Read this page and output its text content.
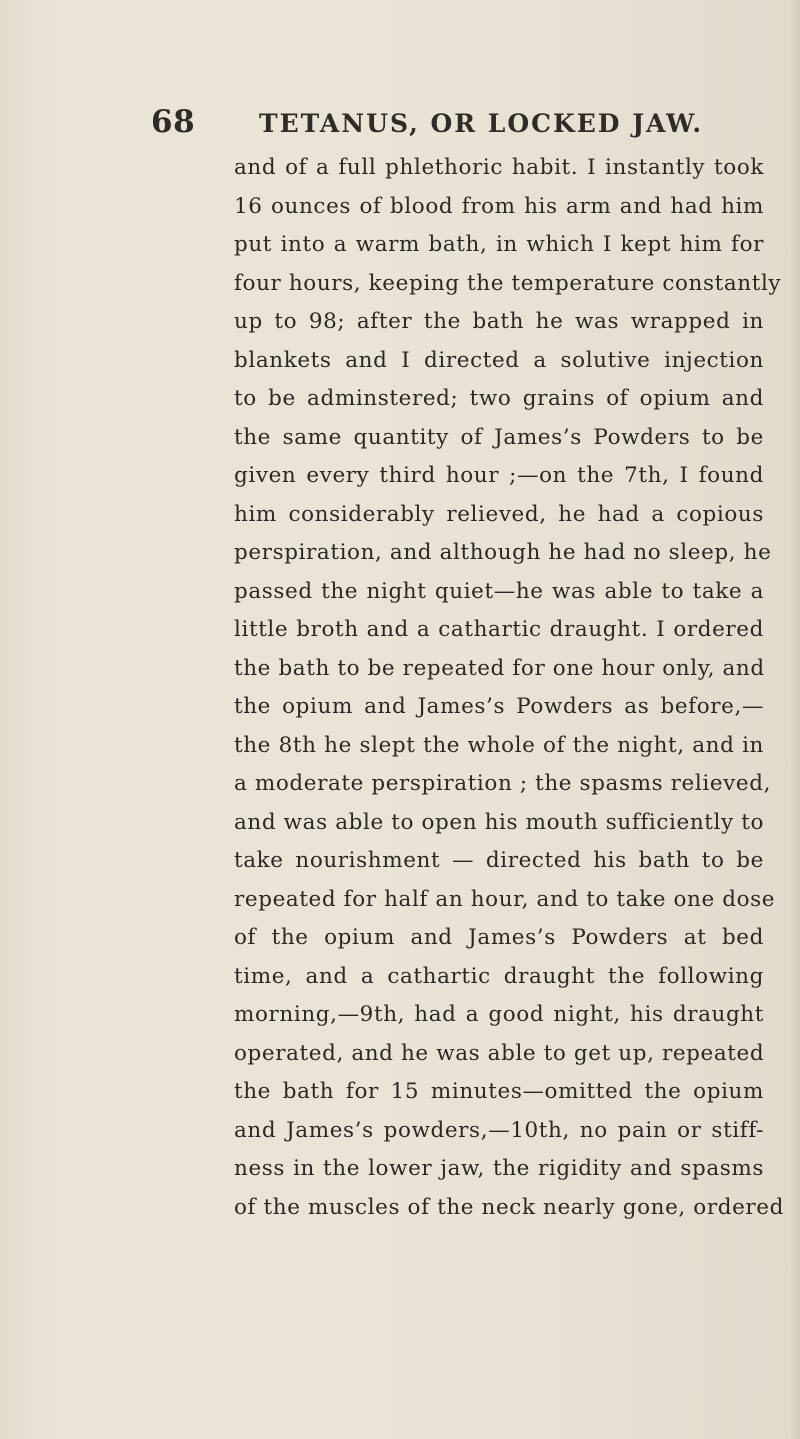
68	TETANUS, OR LOCKED JAW.
and of a full phlethoric habit. I instantly took
16 ounces of blood from his arm and had him
put into a warm bath, in which I kept him for
four hours, keeping the temperature constantly
up to 98; after the bath he was wrapped in
blankets and I directed a solutive injection
to be adminstered; two grains of opium and
the same quantity of James’s Powders to be
given every third hour ;—on the 7th, I found
him considerably relieved, he had a copious
perspiration, and although he had no sleep, he
passed the night quiet—he was able to take a
little broth and a cathartic draught. I ordered
the bath to be repeated for one hour only, and
the opium and James’s Powders as before,—
the 8th he slept the whole of the night, and in
a moderate perspiration ; the spasms relieved,
and was able to open his mouth sufficiently to
take nourishment — directed his bath to be
repeated for half an hour, and to take one dose
of the opium and James’s Powders at bed
time, and a cathartic draught the following
morning,—9th, had a good night, his draught
operated, and he was able to get up, repeated
the bath for 15 minutes—omitted the opium
and James’s powders,—10th, no pain or stiff-
ness in the lower jaw, the rigidity and spasms
of the muscles of the neck nearly gone, ordered
